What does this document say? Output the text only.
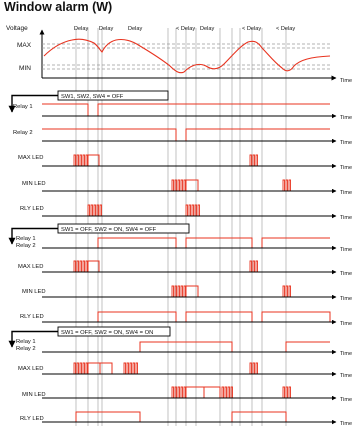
Window alarm (W)
Voltage
MAX
MIN
Time
Delay Delay	Delay	< Delay Delay	< Delay	< Delay
SW1, SW2, SW4 = OFF
Relay 1
Relay 2
MAX LED
MIN LED
RLY LED
Time
Time
Time
Time
Time
SW1 = OFF, SW2 = ON, SW4 = OFF
Relay 1
Relay 2
MAX LED
MIN LED
RLY LED
Time
Time
Time
Time
SW1 = OFF, SW2 = ON, SW4 = ON
Relay 1
Relay 2
MAX LED
MIN LED
RLY LED
Time
Time
Time
Time
